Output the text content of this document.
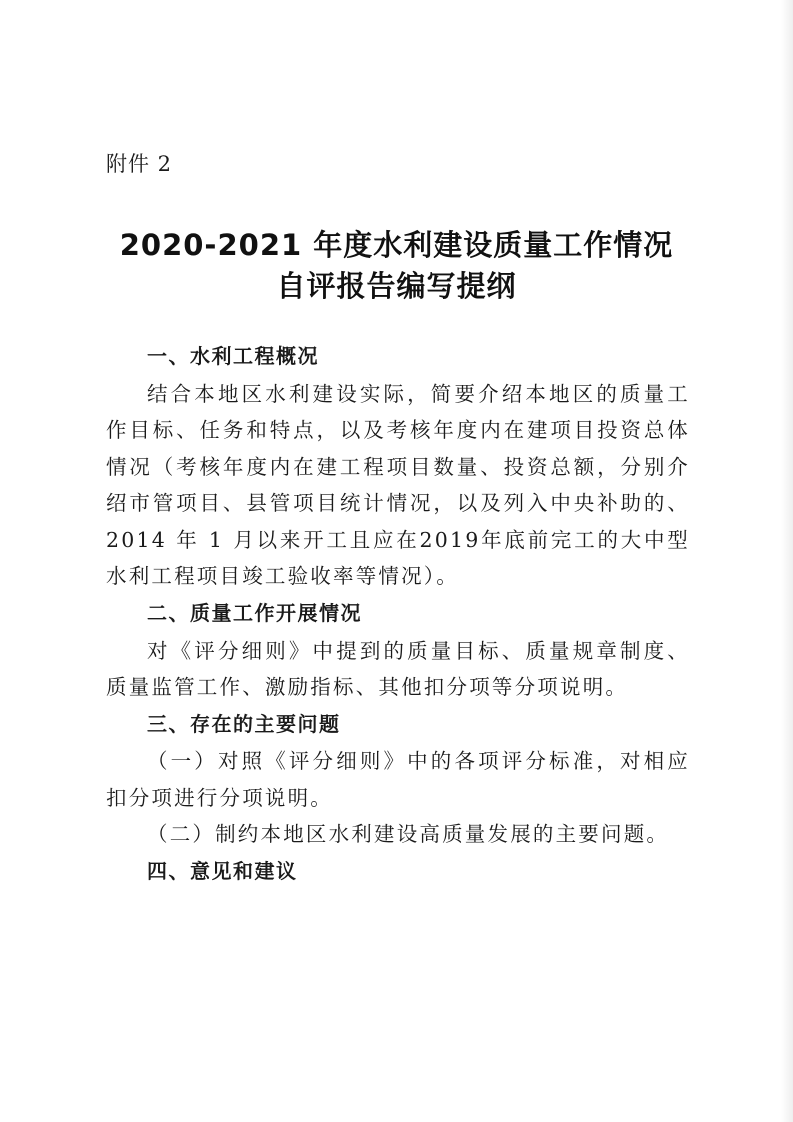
附件 2
2020-2021 年度水利建设质量工作情况
自评报告编写提纲

一、水利工程概况

结合本地区水利建设实际，简要介绍本地区的质量工作目标、任务和特点，以及考核年度内在建项目投资总体情况（考核年度内在建工程项目数量、投资总额，分别介绍市管项目、县管项目统计情况，以及列入中央补助的、2014 年 1 月以来开工且应在2019年底前完工的大中型水利工程项目竣工验收率等情况）。

二、质量工作开展情况

对《评分细则》中提到的质量目标、质量规章制度、质量监管工作、激励指标、其他扣分项等分项说明。

三、存在的主要问题

（一）对照《评分细则》中的各项评分标准，对相应扣分项进行分项说明。

（二）制约本地区水利建设高质量发展的主要问题。

四、意见和建议
